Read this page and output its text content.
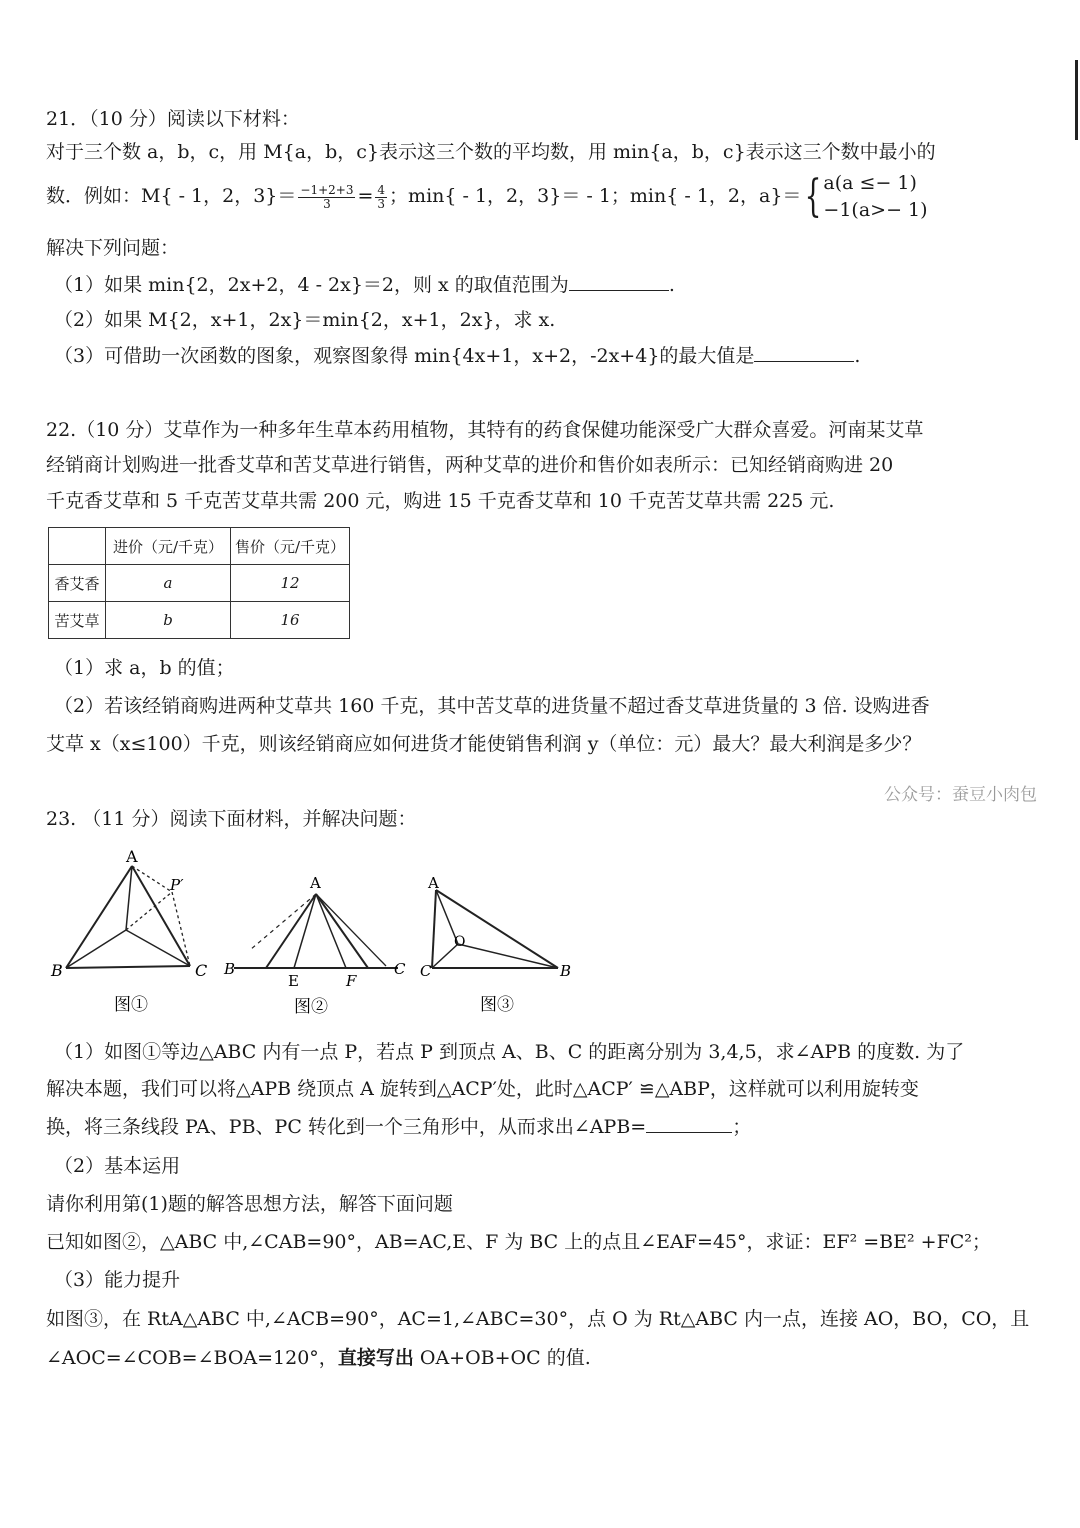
21．（10 分）阅读以下材料：
对于三个数 a，b，c，用 M{a，b，c}表示这三个数的平均数，用 min{a，b，c}表示这三个数中最小的
数．例如：M{ - 1，2，$3\}= \frac{-1+2+3}{3} = \frac{4}{3}$ ；min{ - 1，2，3}＝ - 1；min{ - 1，2，a}＝{ a(a ≤− 1)
−1(a>− 1)
解决下列问题：
（1）如果 min{2，2x+2，4 - 2x}＝2，则 x 的取值范围为	.
（2）如果 M{2，x+1，2x}＝min{2，x+1，2x}，求 x.
（3）可借助一次函数的图象，观察图象得 min{4x+1，x+2，-2x+4}的最大值是	.
22.（10 分）艾草作为一种多年生草本药用植物，其特有的药食保健功能深受广大群众喜爱。河南某艾草
经销商计划购进一批香艾草和苦艾草进行销售，两种艾草的进价和售价如表所示：已知经销商购进 20
千克香艾草和 5 千克苦艾草共需 200 元，购进 15 千克香艾草和 10 千克苦艾草共需 225 元.
	进价（元/千克）	售价（元/千克）
香艾香	a	12
苦艾草	b	16
（1）求 a，b 的值；
（2）若该经销商购进两种艾草共 160 千克，其中苦艾草的进货量不超过香艾草进货量的 3 倍. 设购进香
艾草 x（x≤100）千克，则该经销商应如何进货才能使销售利润 y（单位：元）最大？最大利润是多少？
公众号：蚕豆小肉包
23. （11 分）阅读下面材料，并解决问题：
A
P′
B	C
图①
A
B
E	F
C
图②
A
O
C	B
图③
（1）如图①等边△ABC 内有一点 P，若点 P 到顶点 A、B、C 的距离分别为 3,4,5，求∠APB 的度数. 为了
解决本题，我们可以将△APB 绕顶点 A 旋转到△ACP′处，此时△ACP′ ≌△ABP，这样就可以利用旋转变
换，将三条线段 PA、PB、PC 转化到一个三角形中，从而求出∠APB=	；
（2）基本运用
请你利用第(1)题的解答思想方法，解答下面问题
已知如图②，△ABC 中,∠CAB=90°，AB=AC,E、F 为 BC 上的点且∠EAF=45°，求证：EF² =BE² +FC²；
（3）能力提升
如图③，在 RtA△ABC 中,∠ACB=90°，AC=1,∠ABC=30°，点 O 为 Rt△ABC 内一点，连接 AO，BO，CO，且
∠AOC=∠COB=∠BOA=120°，直接写出 OA+OB+OC 的值.
